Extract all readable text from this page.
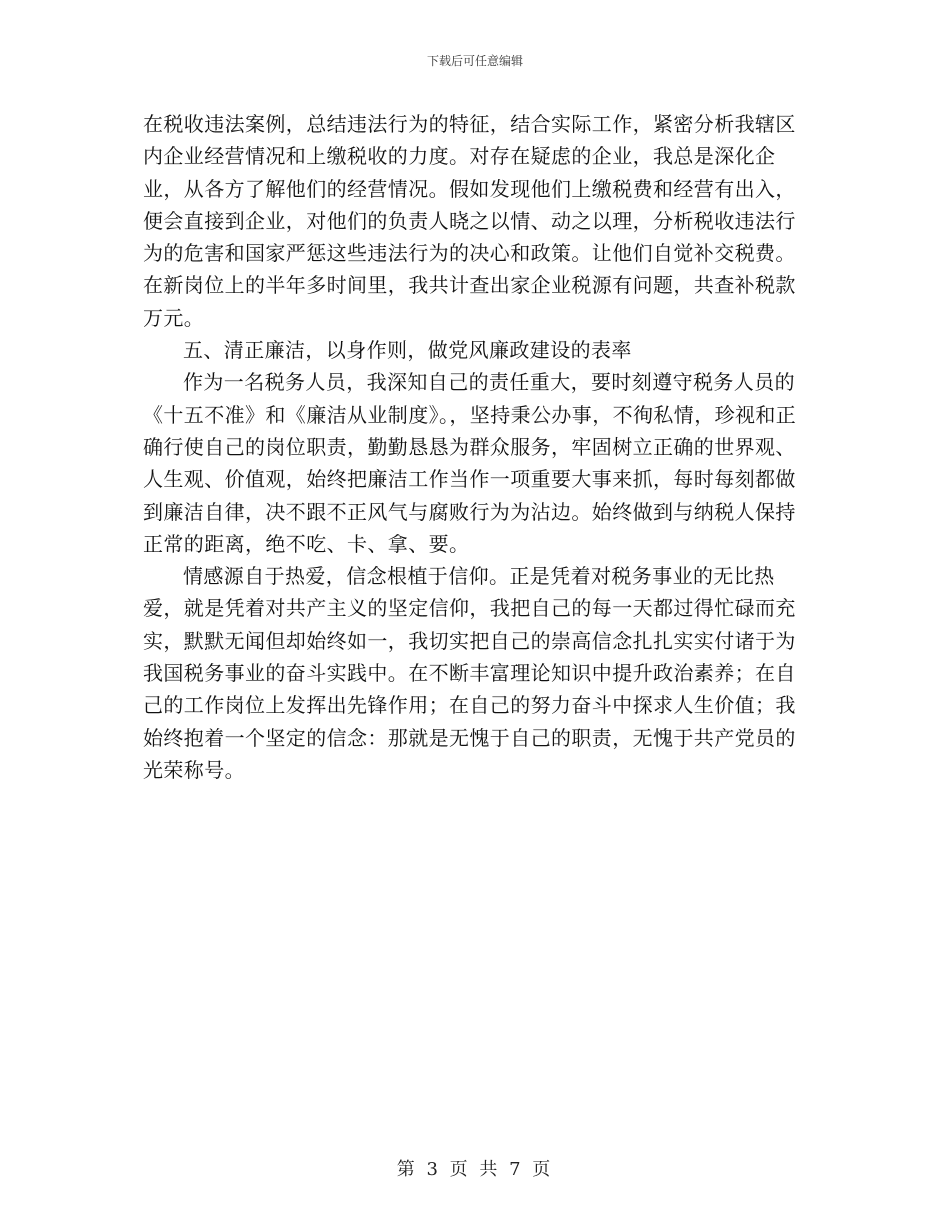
下载后可任意编辑

在税收违法案例，总结违法行为的特征，结合实际工作，紧密分析我辖区内企业经营情况和上缴税收的力度。对存在疑虑的企业，我总是深化企业，从各方了解他们的经营情况。假如发现他们上缴税费和经营有出入，便会直接到企业，对他们的负责人晓之以情、动之以理，分析税收违法行为的危害和国家严惩这些违法行为的决心和政策。让他们自觉补交税费。

在新岗位上的半年多时间里，我共计查出家企业税源有问题，共查补税款万元。

五、清正廉洁，以身作则，做党风廉政建设的表率

作为一名税务人员，我深知自己的责任重大，要时刻遵守税务人员的《十五不准》和《廉洁从业制度》。，坚持秉公办事，不徇私情，珍视和正确行使自己的岗位职责，勤勤恳恳为群众服务，牢固树立正确的世界观、人生观、价值观，始终把廉洁工作当作一项重要大事来抓，每时每刻都做到廉洁自律，决不跟不正风气与腐败行为为沾边。始终做到与纳税人保持正常的距离，绝不吃、卡、拿、要。

情感源自于热爱，信念根植于信仰。正是凭着对税务事业的无比热爱，就是凭着对共产主义的坚定信仰，我把自己的每一天都过得忙碌而充实，默默无闻但却始终如一，我切实把自己的崇高信念扎扎实实付诸于为我国税务事业的奋斗实践中。在不断丰富理论知识中提升政治素养；在自己的工作岗位上发挥出先锋作用；在自己的努力奋斗中探求人生价值；我始终抱着一个坚定的信念：那就是无愧于自己的职责，无愧于共产党员的光荣称号。

第 3 页 共 7 页
